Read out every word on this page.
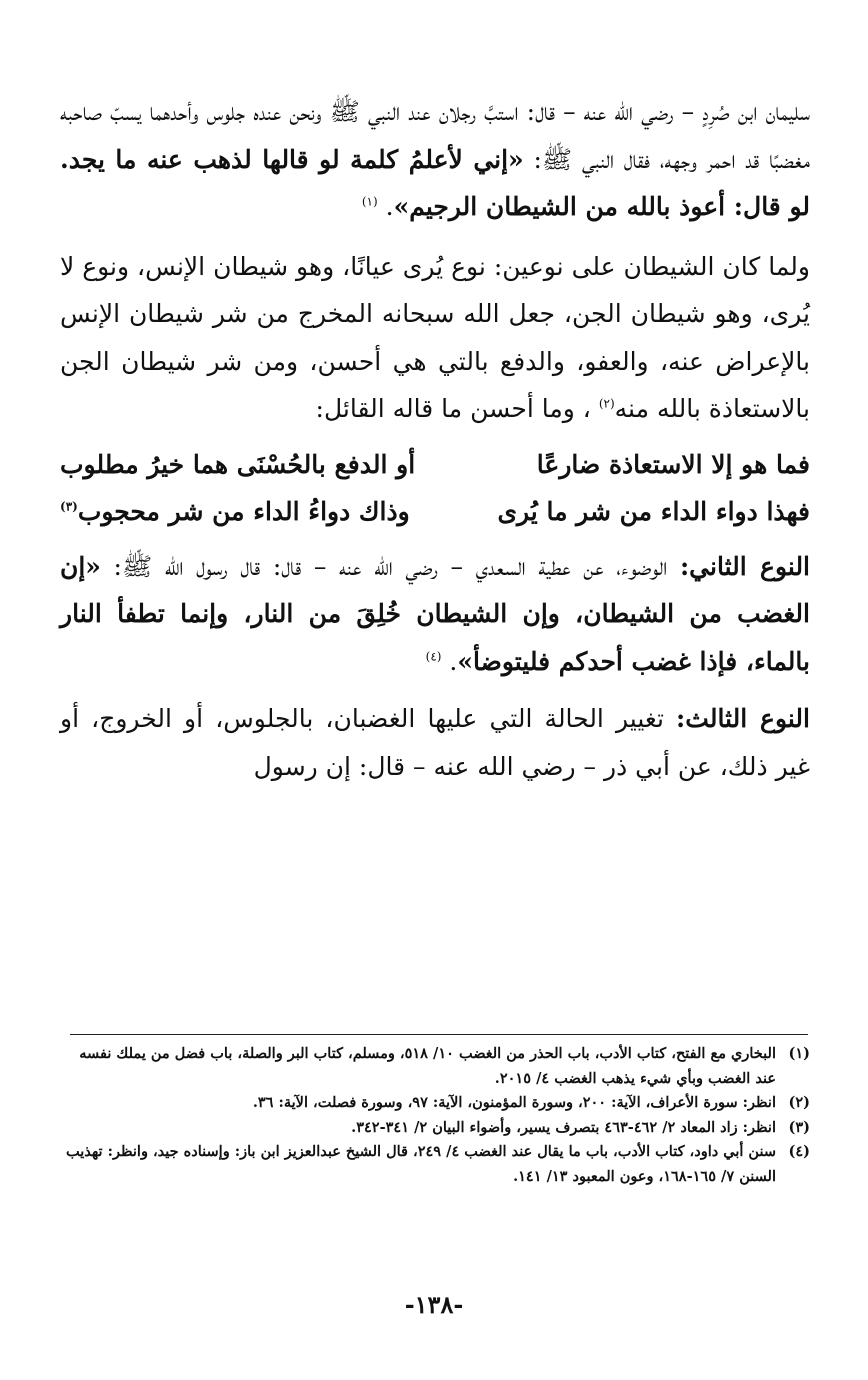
سليمان ابن صُرِدٍ – رضي الله عنه – قال: استبَّ رجلان عند النبي ﷺ ونحن عنده جلوس وأحدهما يسبّ صاحبه مغضبًا قد احمر وجهه، فقال النبي ﷺ: «إني لأعلمُ كلمة لو قالها لذهب عنه ما يجد. لو قال: أعوذ بالله من الشيطان الرجيم». $^{(١)}$

ولما كان الشيطان على نوعين: نوع يُرى عيانًا، وهو شيطان الإنس، ونوع لا يُرى، وهو شيطان الجن، جعل الله سبحانه المخرج من شر شيطان الإنس بالإعراض عنه، والعفو، والدفع بالتي هي أحسن، ومن شر شيطان الجن بالاستعاذة بالله منه$^{(٢)}$ ، وما أحسن ما قاله القائل:

فما هو إلا الاستعاذة ضارعًا
أو الدفع بالحُسْنَى هما خيرُ مطلوب
فهذا دواء الداء من شر ما يُرى
وذاك دواءُ الداء من شر محجوب$^{(٣)}$

النوع الثاني: الوضوء، عن عطية السعدي – رضي الله عنه – قال: قال رسول الله ﷺ: «إن الغضب من الشيطان، وإن الشيطان خُلِقَ من النار، وإنما تطفأ النار بالماء، فإذا غضب أحدكم فليتوضأ». $^{(٤)}$

النوع الثالث: تغيير الحالة التي عليها الغضبان، بالجلوس، أو الخروج، أو غير ذلك، عن أبي ذر – رضي الله عنه – قال: إن رسول

(١)
البخاري مع الفتح، كتاب الأدب، باب الحذر من الغضب ١٠/ ٥١٨، ومسلم، كتاب البر والصلة، باب فضل من يملك نفسه عند الغضب وبأي شيء يذهب الغضب ٤/ ٢٠١٥.
(٢)
انظر: سورة الأعراف، الآية: ٢٠٠، وسورة المؤمنون، الآية: ٩٧، وسورة فصلت، الآية: ٣٦.
(٣)
انظر: زاد المعاد ٢/ ٤٦٢-٤٦٣ بتصرف يسير، وأضواء البيان ٢/ ٣٤١-٣٤٢.
(٤)
سنن أبي داود، كتاب الأدب، باب ما يقال عند الغضب ٤/ ٢٤٩، قال الشيخ عبدالعزيز ابن باز: وإسناده جيد، وانظر: تهذيب السنن ٧/ ١٦٥-١٦٨، وعون المعبود ١٣/ ١٤١.
-١٣٨-
